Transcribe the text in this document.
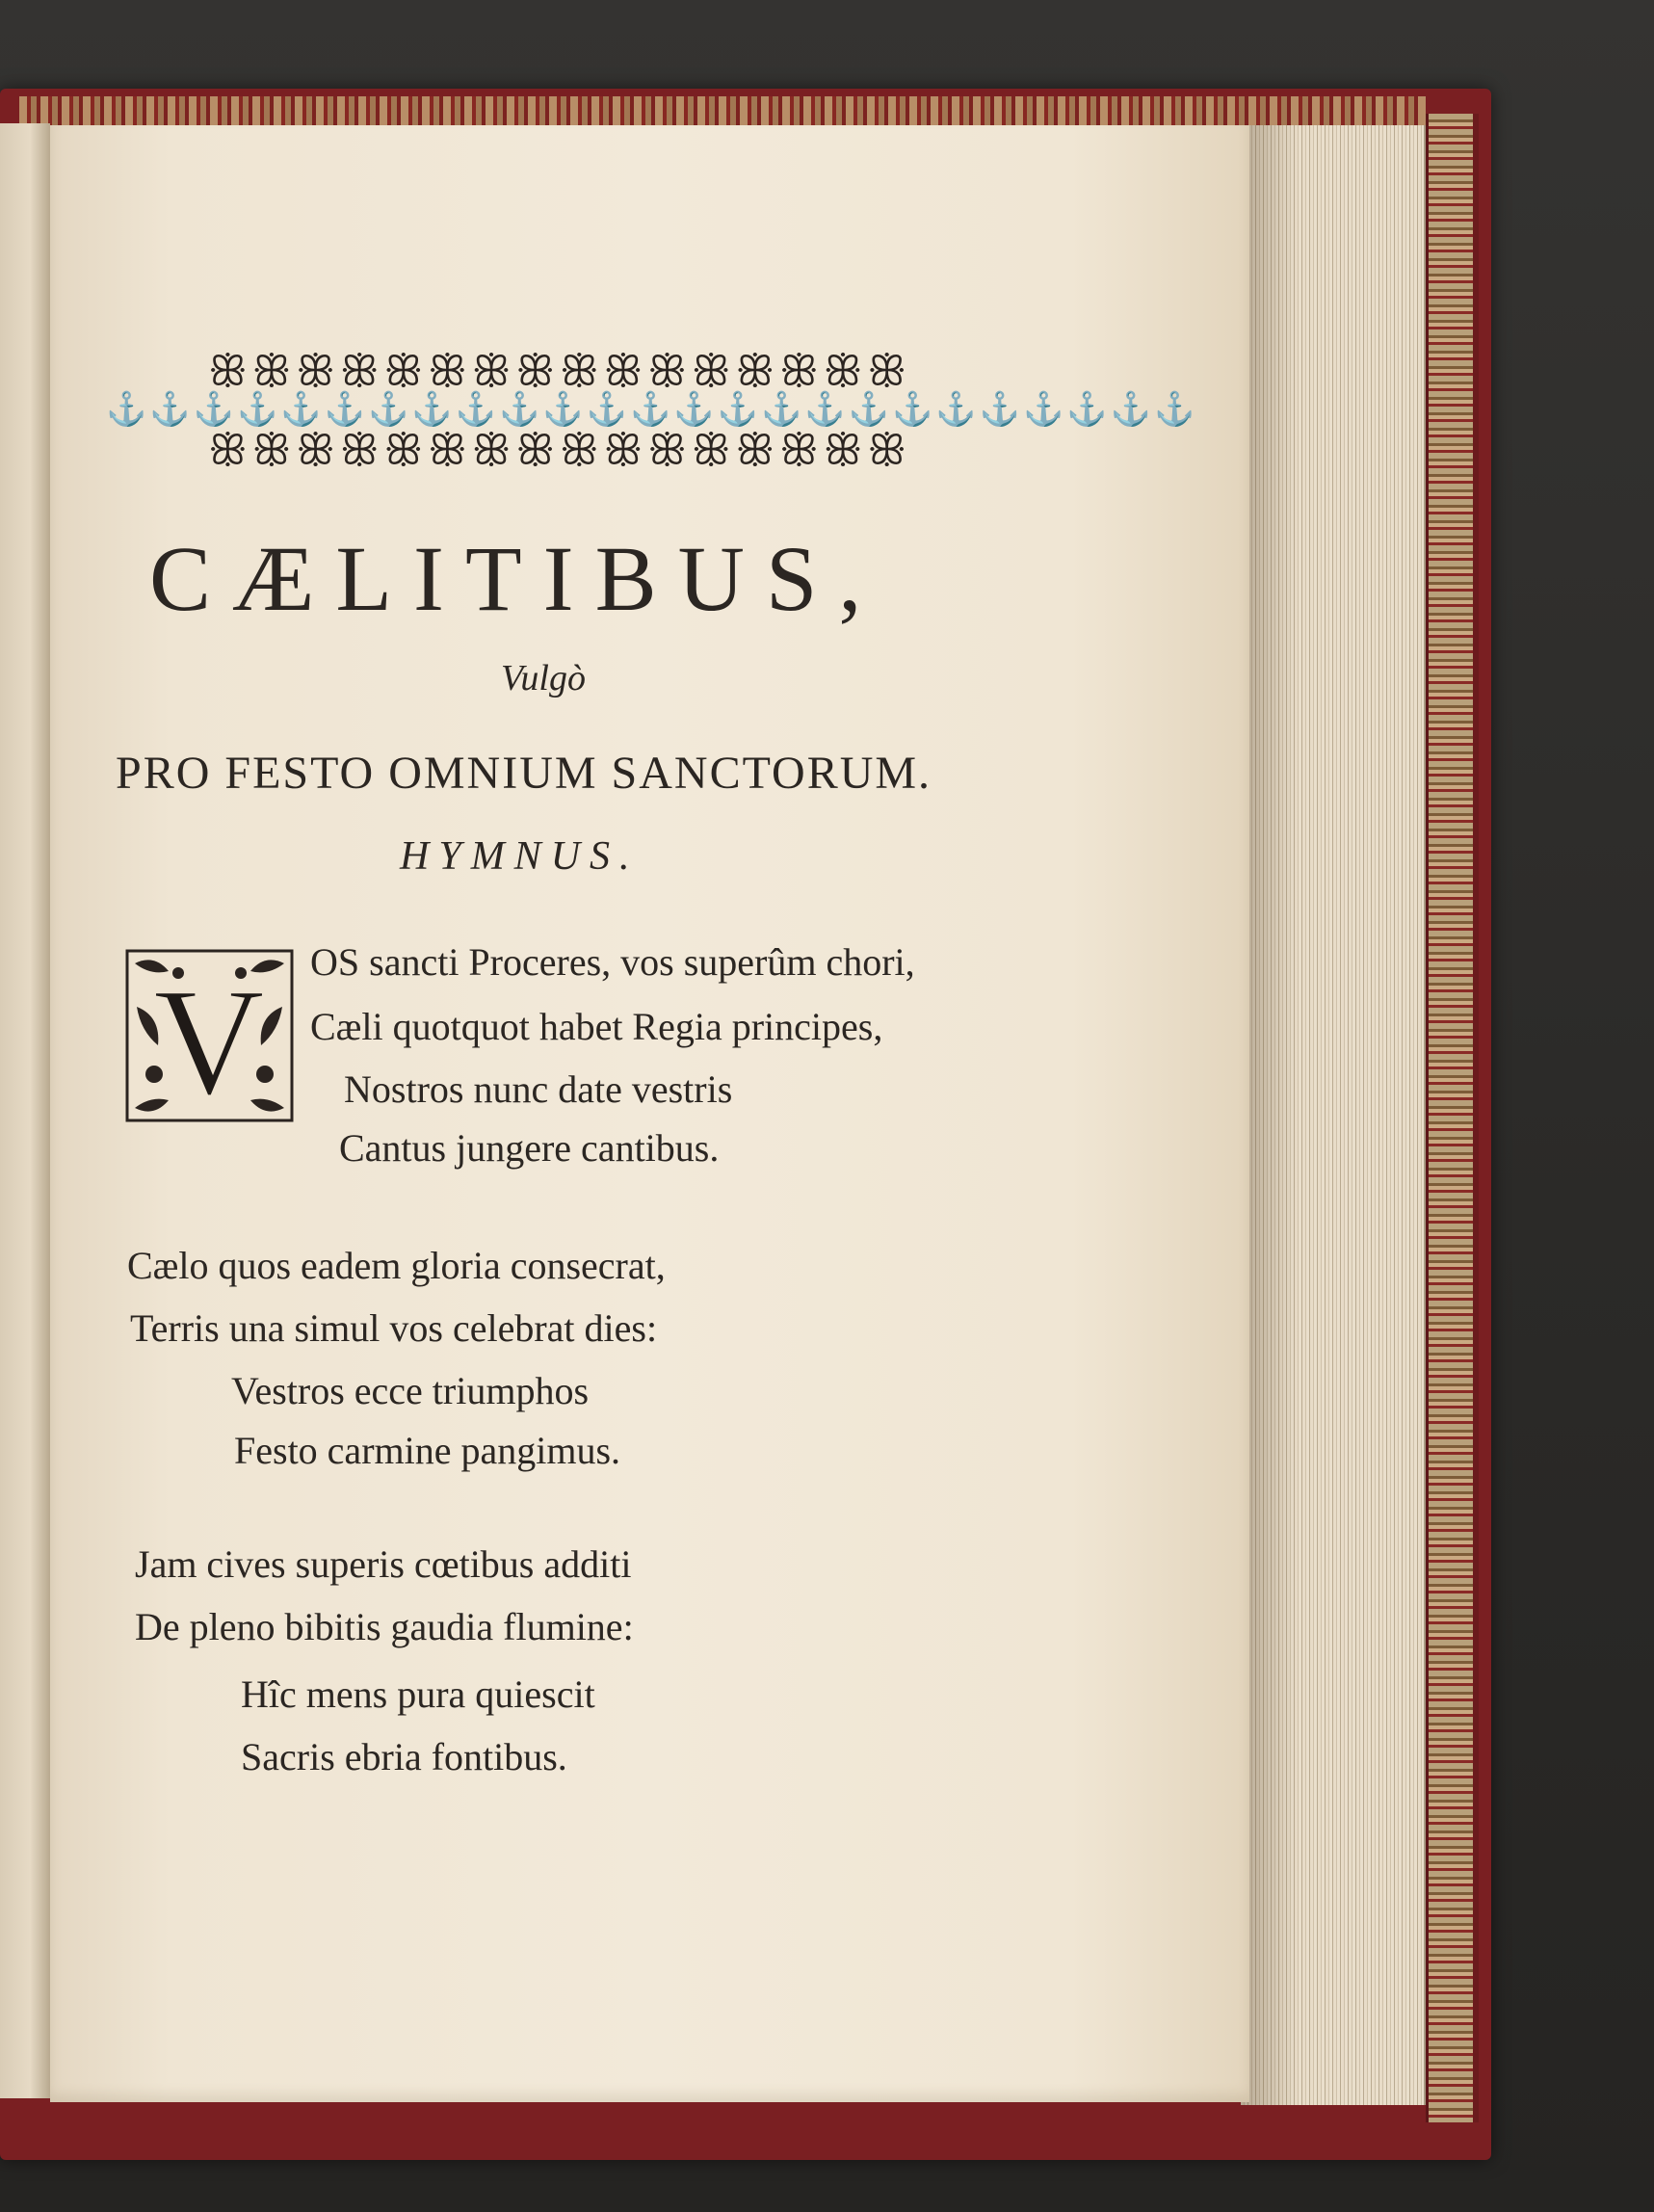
ꕥ ꕥ ꕥ ꕥ ꕥ ꕥ ꕥ ꕥ ꕥ ꕥ ꕥ ꕥ ꕥ ꕥ ꕥ ꕥ
⚓⚓⚓⚓⚓⚓⚓⚓⚓⚓⚓⚓⚓⚓⚓⚓⚓⚓⚓⚓⚓⚓⚓⚓⚓
ꕥ ꕥ ꕥ ꕥ ꕥ ꕥ ꕥ ꕥ ꕥ ꕥ ꕥ ꕥ ꕥ ꕥ ꕥ ꕥ
CÆLITIBUS,
Vulgò
PRO FESTO OMNIUM SANCTORUM.
HYMNUS.
V OS sancti Proceres, vos superûm chori,
Cæli quotquot habet Regia principes,
Nostros nunc date vestris
Cantus jungere cantibus.
Cælo quos eadem gloria consecrat,
Terris una simul vos celebrat dies:
Vestros ecce triumphos
Festo carmine pangimus.
Jam cives superis cœtibus additi
De pleno bibitis gaudia flumine:
Hîc mens pura quiescit
Sacris ebria fontibus.
